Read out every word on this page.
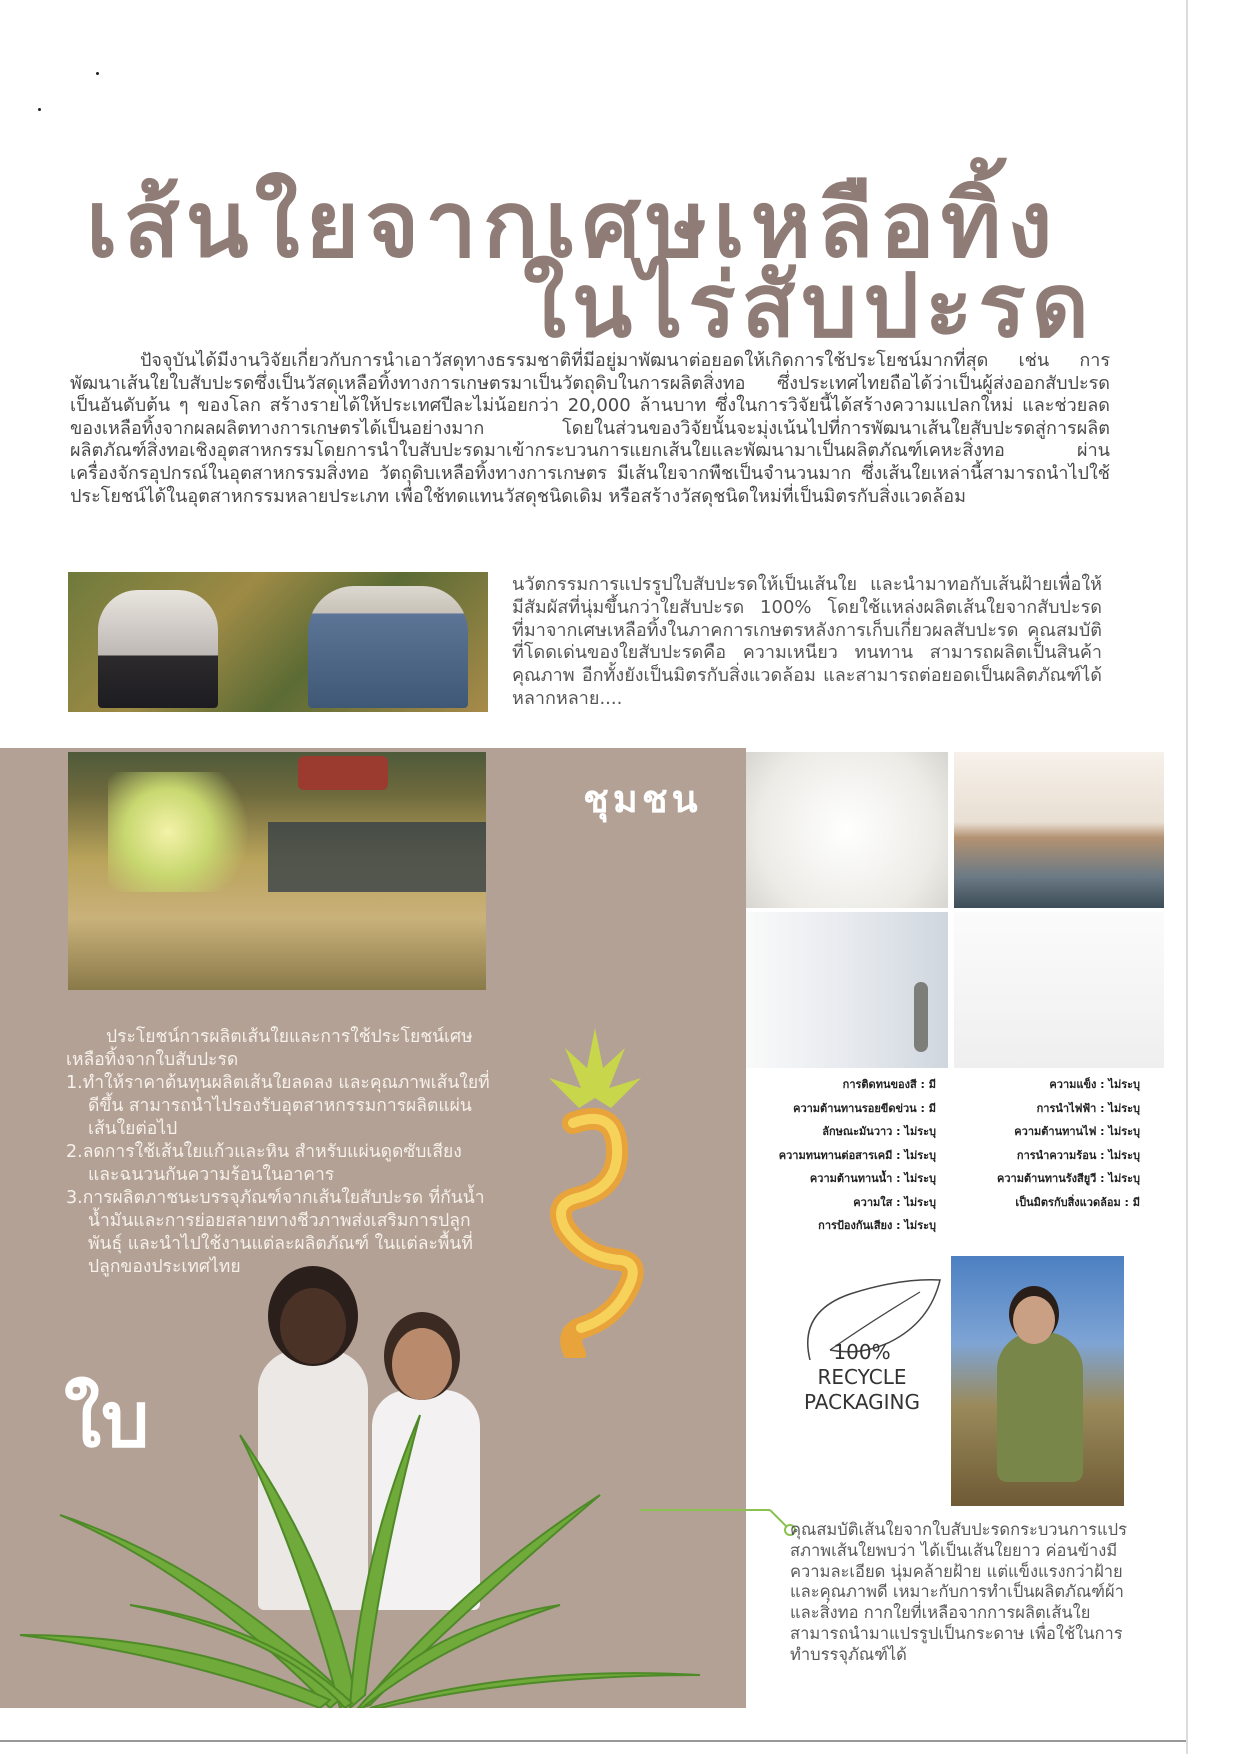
เส้นใยจากเศษเหลือทิ้ง
ในไร่สับปะรด
ปัจจุบันได้มีงานวิจัยเกี่ยวกับการนำเอาวัสดุทางธรรมชาติที่มีอยู่มาพัฒนาต่อยอดให้เกิดการใช้ประโยชน์มากที่สุด เช่น การพัฒนาเส้นใยใบสับปะรดซึ่งเป็นวัสดุเหลือทิ้งทางการเกษตรมาเป็นวัตถุดิบในการผลิตสิ่งทอ ซึ่งประเทศไทยถือได้ว่าเป็นผู้ส่งออกสับปะรดเป็นอันดับต้น ๆ ของโลก สร้างรายได้ให้ประเทศปีละไม่น้อยกว่า 20,000 ล้านบาท ซึ่งในการวิจัยนี้ได้สร้างความแปลกใหม่ และช่วยลดของเหลือทิ้งจากผลผลิตทางการเกษตรได้เป็นอย่างมาก โดยในส่วนของวิจัยนั้นจะมุ่งเน้นไปที่การพัฒนาเส้นใยสับปะรดสู่การผลิตผลิตภัณฑ์สิ่งทอเชิงอุตสาหกรรมโดยการนำใบสับปะรดมาเข้ากระบวนการแยกเส้นใยและพัฒนามาเป็นผลิตภัณฑ์เคหะสิ่งทอ ผ่านเครื่องจักรอุปกรณ์ในอุตสาหกรรมสิ่งทอ วัตถุดิบเหลือทิ้งทางการเกษตร มีเส้นใยจากพืชเป็นจำนวนมาก ซึ่งเส้นใยเหล่านี้สามารถนำไปใช้ประโยชน์ได้ในอุตสาหกรรมหลายประเภท เพื่อใช้ทดแทนวัสดุชนิดเดิม หรือสร้างวัสดุชนิดใหม่ที่เป็นมิตรกับสิ่งแวดล้อม
นวัตกรรมการแปรรูปใบสับปะรดให้เป็นเส้นใย และนำมาทอกับเส้นฝ้ายเพื่อให้มีสัมผัสที่นุ่มขึ้นกว่าใยสับปะรด 100% โดยใช้แหล่งผลิตเส้นใยจากสับปะรด ที่มาจากเศษเหลือทิ้งในภาคการเกษตรหลังการเก็บเกี่ยวผลสับปะรด คุณสมบัติที่โดดเด่นของใยสับปะรดคือ ความเหนียว ทนทาน สามารถผลิตเป็นสินค้าคุณภาพ อีกทั้งยังเป็นมิตรกับสิ่งแวดล้อม และสามารถต่อยอดเป็นผลิตภัณฑ์ได้หลากหลาย....
ชุมชน
ประโยชน์การผลิตเส้นใยและการใช้ประโยชน์เศษเหลือทิ้งจากใบสับปะรด
1.ทำให้ราคาต้นทุนผลิตเส้นใยลดลง และคุณภาพเส้นใยที่ดีขึ้น สามารถนำไปรองรับอุตสาหกรรมการผลิตแผ่นเส้นใยต่อไป
2.ลดการใช้เส้นใยแก้วและหิน สำหรับแผ่นดูดซับเสียงและฉนวนกันความร้อนในอาคาร
3.การผลิตภาชนะบรรจุภัณฑ์จากเส้นใยสับปะรด ที่กันน้ำ น้ำมันและการย่อยสลายทางชีวภาพส่งเสริมการปลูกพันธุ์ และนำไปใช้งานแต่ละผลิตภัณฑ์ ในแต่ละพื้นที่ปลูกของประเทศไทย
ใบ
การติดทนของสี : มี
ความต้านทานรอยขีดข่วน : มี
ลักษณะมันวาว : ไม่ระบุ
ความทนทานต่อสารเคมี : ไม่ระบุ
ความต้านทานน้ำ : ไม่ระบุ
ความใส : ไม่ระบุ
การป้องกันเสียง : ไม่ระบุ
ความแข็ง : ไม่ระบุ
การนำไฟฟ้า : ไม่ระบุ
ความต้านทานไฟ : ไม่ระบุ
การนำความร้อน : ไม่ระบุ
ความต้านทานรังสียูวี : ไม่ระบุ
เป็นมิตรกับสิ่งแวดล้อม : มี
100%
RECYCLE
PACKAGING
คุณสมบัติเส้นใยจากใบสับปะรดกระบวนการแปรสภาพเส้นใยพบว่า ได้เป็นเส้นใยยาว ค่อนข้างมีความละเอียด นุ่มคล้ายฝ้าย แต่แข็งแรงกว่าฝ้าย และคุณภาพดี เหมาะกับการทำเป็นผลิตภัณฑ์ผ้าและสิ่งทอ กากใยที่เหลือจากการผลิตเส้นใย สามารถนำมาแปรรูปเป็นกระดาษ เพื่อใช้ในการทำบรรจุภัณฑ์ได้
